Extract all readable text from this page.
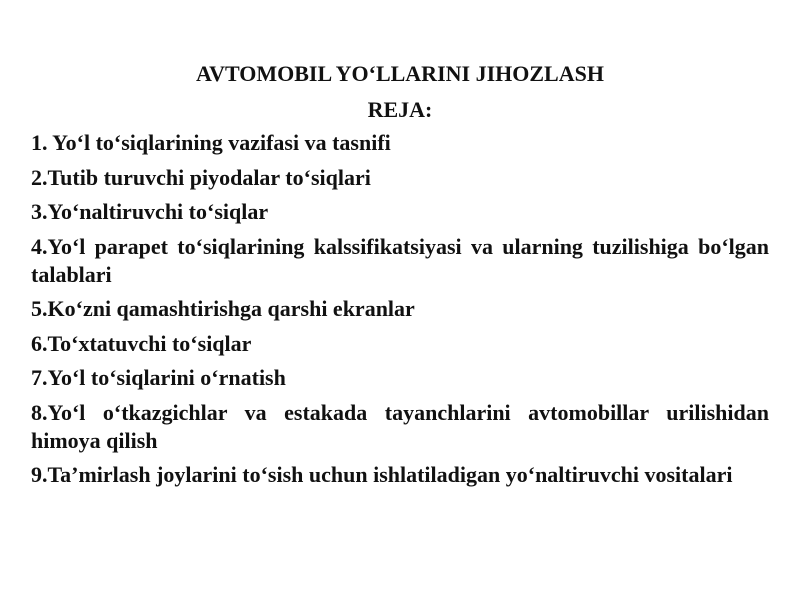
AVTOMOBIL YO‘LLARINI JIHOZLASH
REJA:
1. Yo‘l to‘siqlarining vazifasi va tasnifi
2.Tutib turuvchi piyodalar to‘siqlari
3.Yo‘naltiruvchi to‘siqlar
4.Yo‘l parapet to‘siqlarining kalssifikatsiyasi va ularning tuzilishiga bo‘lgan talablari
5.Ko‘zni qamashtirishga qarshi ekranlar
6.To‘xtatuvchi to‘siqlar
7.Yo‘l to‘siqlarini o‘rnatish
8.Yo‘l o‘tkazgichlar va estakada tayanchlarini avtomobillar urilishidan himoya qilish
9.Ta’mirlash joylarini to‘sish uchun ishlatiladigan yo‘naltiruvchi vositalari
